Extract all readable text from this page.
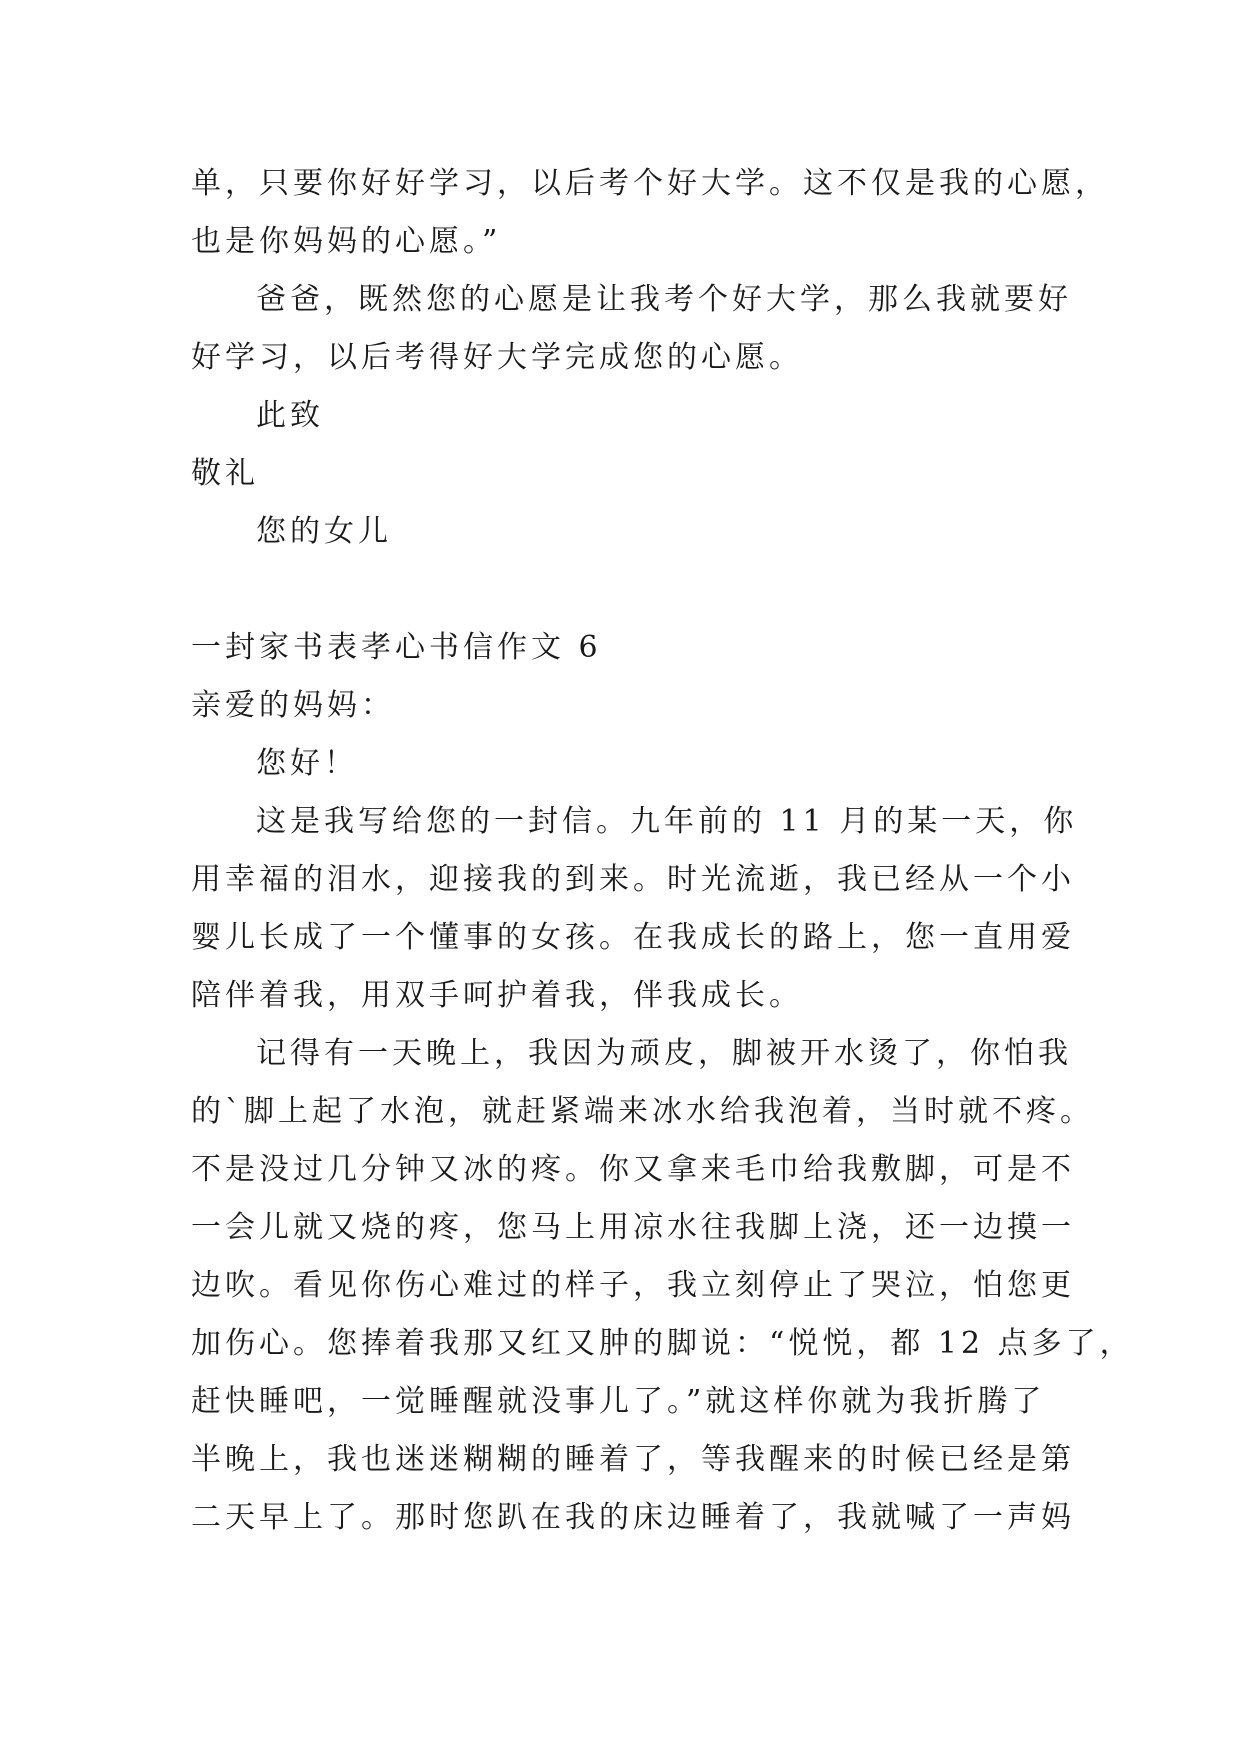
单，只要你好好学习，以后考个好大学。这不仅是我的心愿，
也是你妈妈的心愿。”
爸爸，既然您的心愿是让我考个好大学，那么我就要好
好学习，以后考得好大学完成您的心愿。
此致
敬礼
您的女儿
一封家书表孝心书信作文 6
亲爱的妈妈：
您好！
这是我写给您的一封信。九年前的 11 月的某一天，你
用幸福的泪水，迎接我的到来。时光流逝，我已经从一个小
婴儿长成了一个懂事的女孩。在我成长的路上，您一直用爱
陪伴着我，用双手呵护着我，伴我成长。
记得有一天晚上，我因为顽皮，脚被开水烫了，你怕我
的`脚上起了水泡，就赶紧端来冰水给我泡着，当时就不疼。
不是没过几分钟又冰的疼。你又拿来毛巾给我敷脚，可是不
一会儿就又烧的疼，您马上用凉水往我脚上浇，还一边摸一
边吹。看见你伤心难过的样子，我立刻停止了哭泣，怕您更
加伤心。您捧着我那又红又肿的脚说：“悦悦，都 12 点多了，
赶快睡吧，一觉睡醒就没事儿了。”就这样你就为我折腾了
半晚上，我也迷迷糊糊的睡着了，等我醒来的时候已经是第
二天早上了。那时您趴在我的床边睡着了，我就喊了一声妈
